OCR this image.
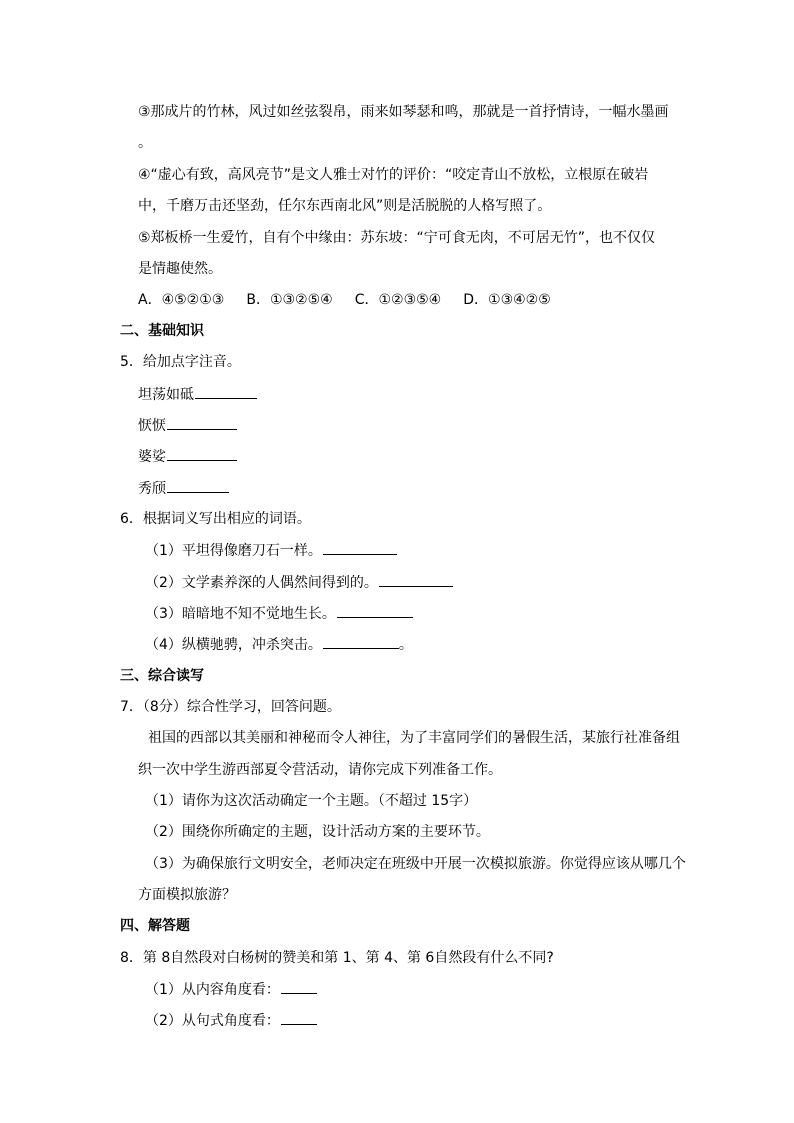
③那成片的竹林，风过如丝弦裂帛，雨来如琴瑟和鸣，那就是一首抒情诗，一幅水墨画
。
④“虚心有致，高风亮节”是文人雅士对竹的评价：“咬定青山不放松，立根原在破岩
中，千磨万击还坚劲，任尔东西南北风”则是活脱脱的人格写照了。
⑤郑板桥一生爱竹，自有个中缘由：苏东坡：“宁可食无肉，不可居无竹”，也不仅仅
是情趣使然。
A．④⑤②①③ B．①③②⑤④ C．①②③⑤④ D．①③④②⑤
二、基础知识
5．给加点字注音。
坦荡如砥
恹恹
婆娑
秀颀
6．根据词义写出相应的词语。
（1）平坦得像磨刀石一样。
（2）文学素养深的人偶然间得到的。
（3）暗暗地不知不觉地生长。
（4）纵横驰骋，冲杀突击。	。
三、综合读写
7．（8分）综合性学习，回答问题。
祖国的西部以其美丽和神秘而令人神往，为了丰富同学们的暑假生活，某旅行社准备组
织一次中学生游西部夏令营活动，请你完成下列准备工作。
（1）请你为这次活动确定一个主题。（不超过 15字）
（2）围绕你所确定的主题，设计活动方案的主要环节。
（3）为确保旅行文明安全，老师决定在班级中开展一次模拟旅游。你觉得应该从哪几个
方面模拟旅游？
四、解答题
8．第 8自然段对白杨树的赞美和第 1、第 4、第 6自然段有什么不同?
（1）从内容角度看：
（2）从句式角度看：
